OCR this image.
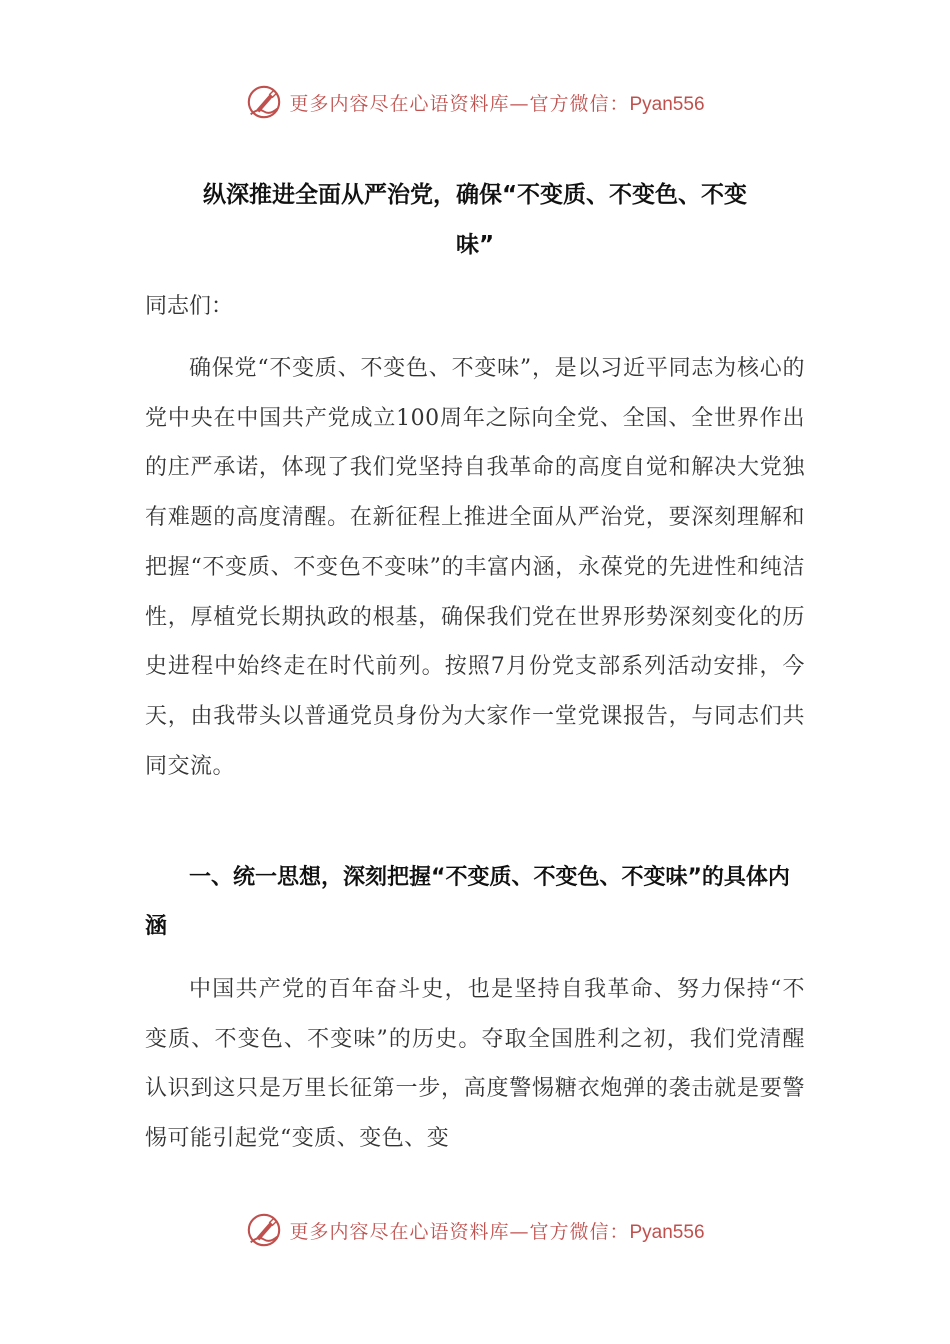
更多内容尽在心语资料库—官方微信：Pyan556
纵深推进全面从严治党，确保“不变质、不变色、不变
味”

同志们：

确保党“不变质、不变色、不变味”，是以习近平同志为核心的党中央在中国共产党成立100周年之际向全党、全国、全世界作出的庄严承诺，体现了我们党坚持自我革命的高度自觉和解决大党独有难题的高度清醒。在新征程上推进全面从严治党，要深刻理解和把握“不变质、不变色不变味”的丰富内涵，永葆党的先进性和纯洁性，厚植党长期执政的根基，确保我们党在世界形势深刻变化的历史进程中始终走在时代前列。按照7月份党支部系列活动安排，今天，由我带头以普通党员身份为大家作一堂党课报告，与同志们共同交流。

一、统一思想，深刻把握“不变质、不变色、不变味”的具体内涵

中国共产党的百年奋斗史，也是坚持自我革命、努力保持“不变质、不变色、不变味”的历史。夺取全国胜利之初，我们党清醒认识到这只是万里长征第一步，高度警惕糖衣炮弹的袭击就是要警惕可能引起党“变质、变色、变

更多内容尽在心语资料库—官方微信：Pyan556
